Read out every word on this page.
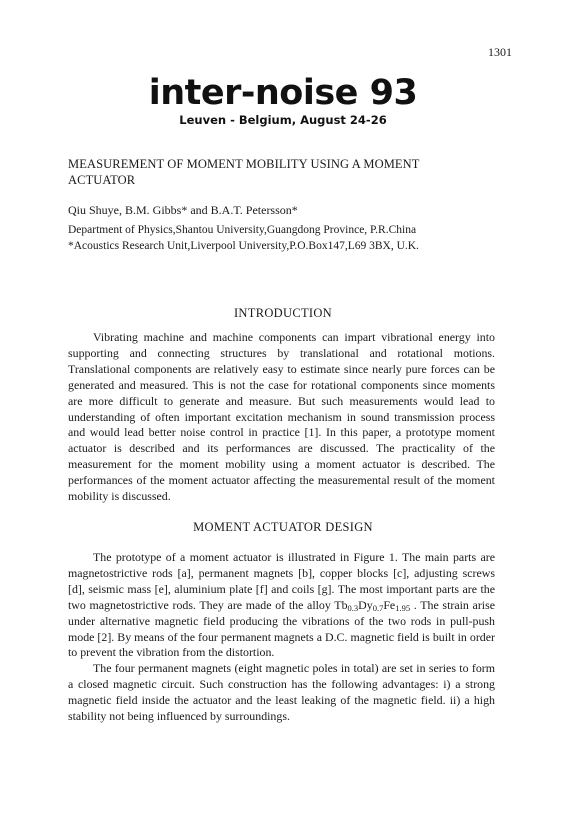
1301
inter-noise 93
Leuven - Belgium, August 24-26
MEASUREMENT OF MOMENT MOBILITY USING A MOMENT ACTUATOR
Qiu Shuye, B.M. Gibbs* and B.A.T. Petersson*
Department of Physics,Shantou University,Guangdong Province, P.R.China
*Acoustics Research Unit,Liverpool University,P.O.Box147,L69 3BX, U.K.
INTRODUCTION

Vibrating machine and machine components can impart vibrational energy into supporting and connecting structures by translational and rotational motions. Translational components are relatively easy to estimate since nearly pure forces can be generated and measured. This is not the case for rotational components since moments are more difficult to generate and measure. But such measurements would lead to understanding of often important excitation mechanism in sound transmission process and would lead better noise control in practice [1]. In this paper, a prototype moment actuator is described and its performances are discussed. The practicality of the measurement for the moment mobility using a moment actuator is described. The performances of the moment actuator affecting the measuremental result of the moment mobility is discussed.

MOMENT ACTUATOR DESIGN

The prototype of a moment actuator is illustrated in Figure 1. The main parts are magnetostrictive rods [a], permanent magnets [b], copper blocks [c], adjusting screws [d], seismic mass [e], aluminium plate [f] and coils [g]. The most important parts are the two magnetostrictive rods. They are made of the alloy $Tb_{0.3}Dy_{0.7}Fe_{1.95}$ . The strain arise under alternative magnetic field producing the vibrations of the two rods in pull-push mode [2]. By means of the four permanent magnets a D.C. magnetic field is built in order to prevent the vibration from the distortion.

The four permanent magnets (eight magnetic poles in total) are set in series to form a closed magnetic circuit. Such construction has the following advantages: i) a strong magnetic field inside the actuator and the least leaking of the magnetic field. ii) a high stability not being influenced by surroundings.
